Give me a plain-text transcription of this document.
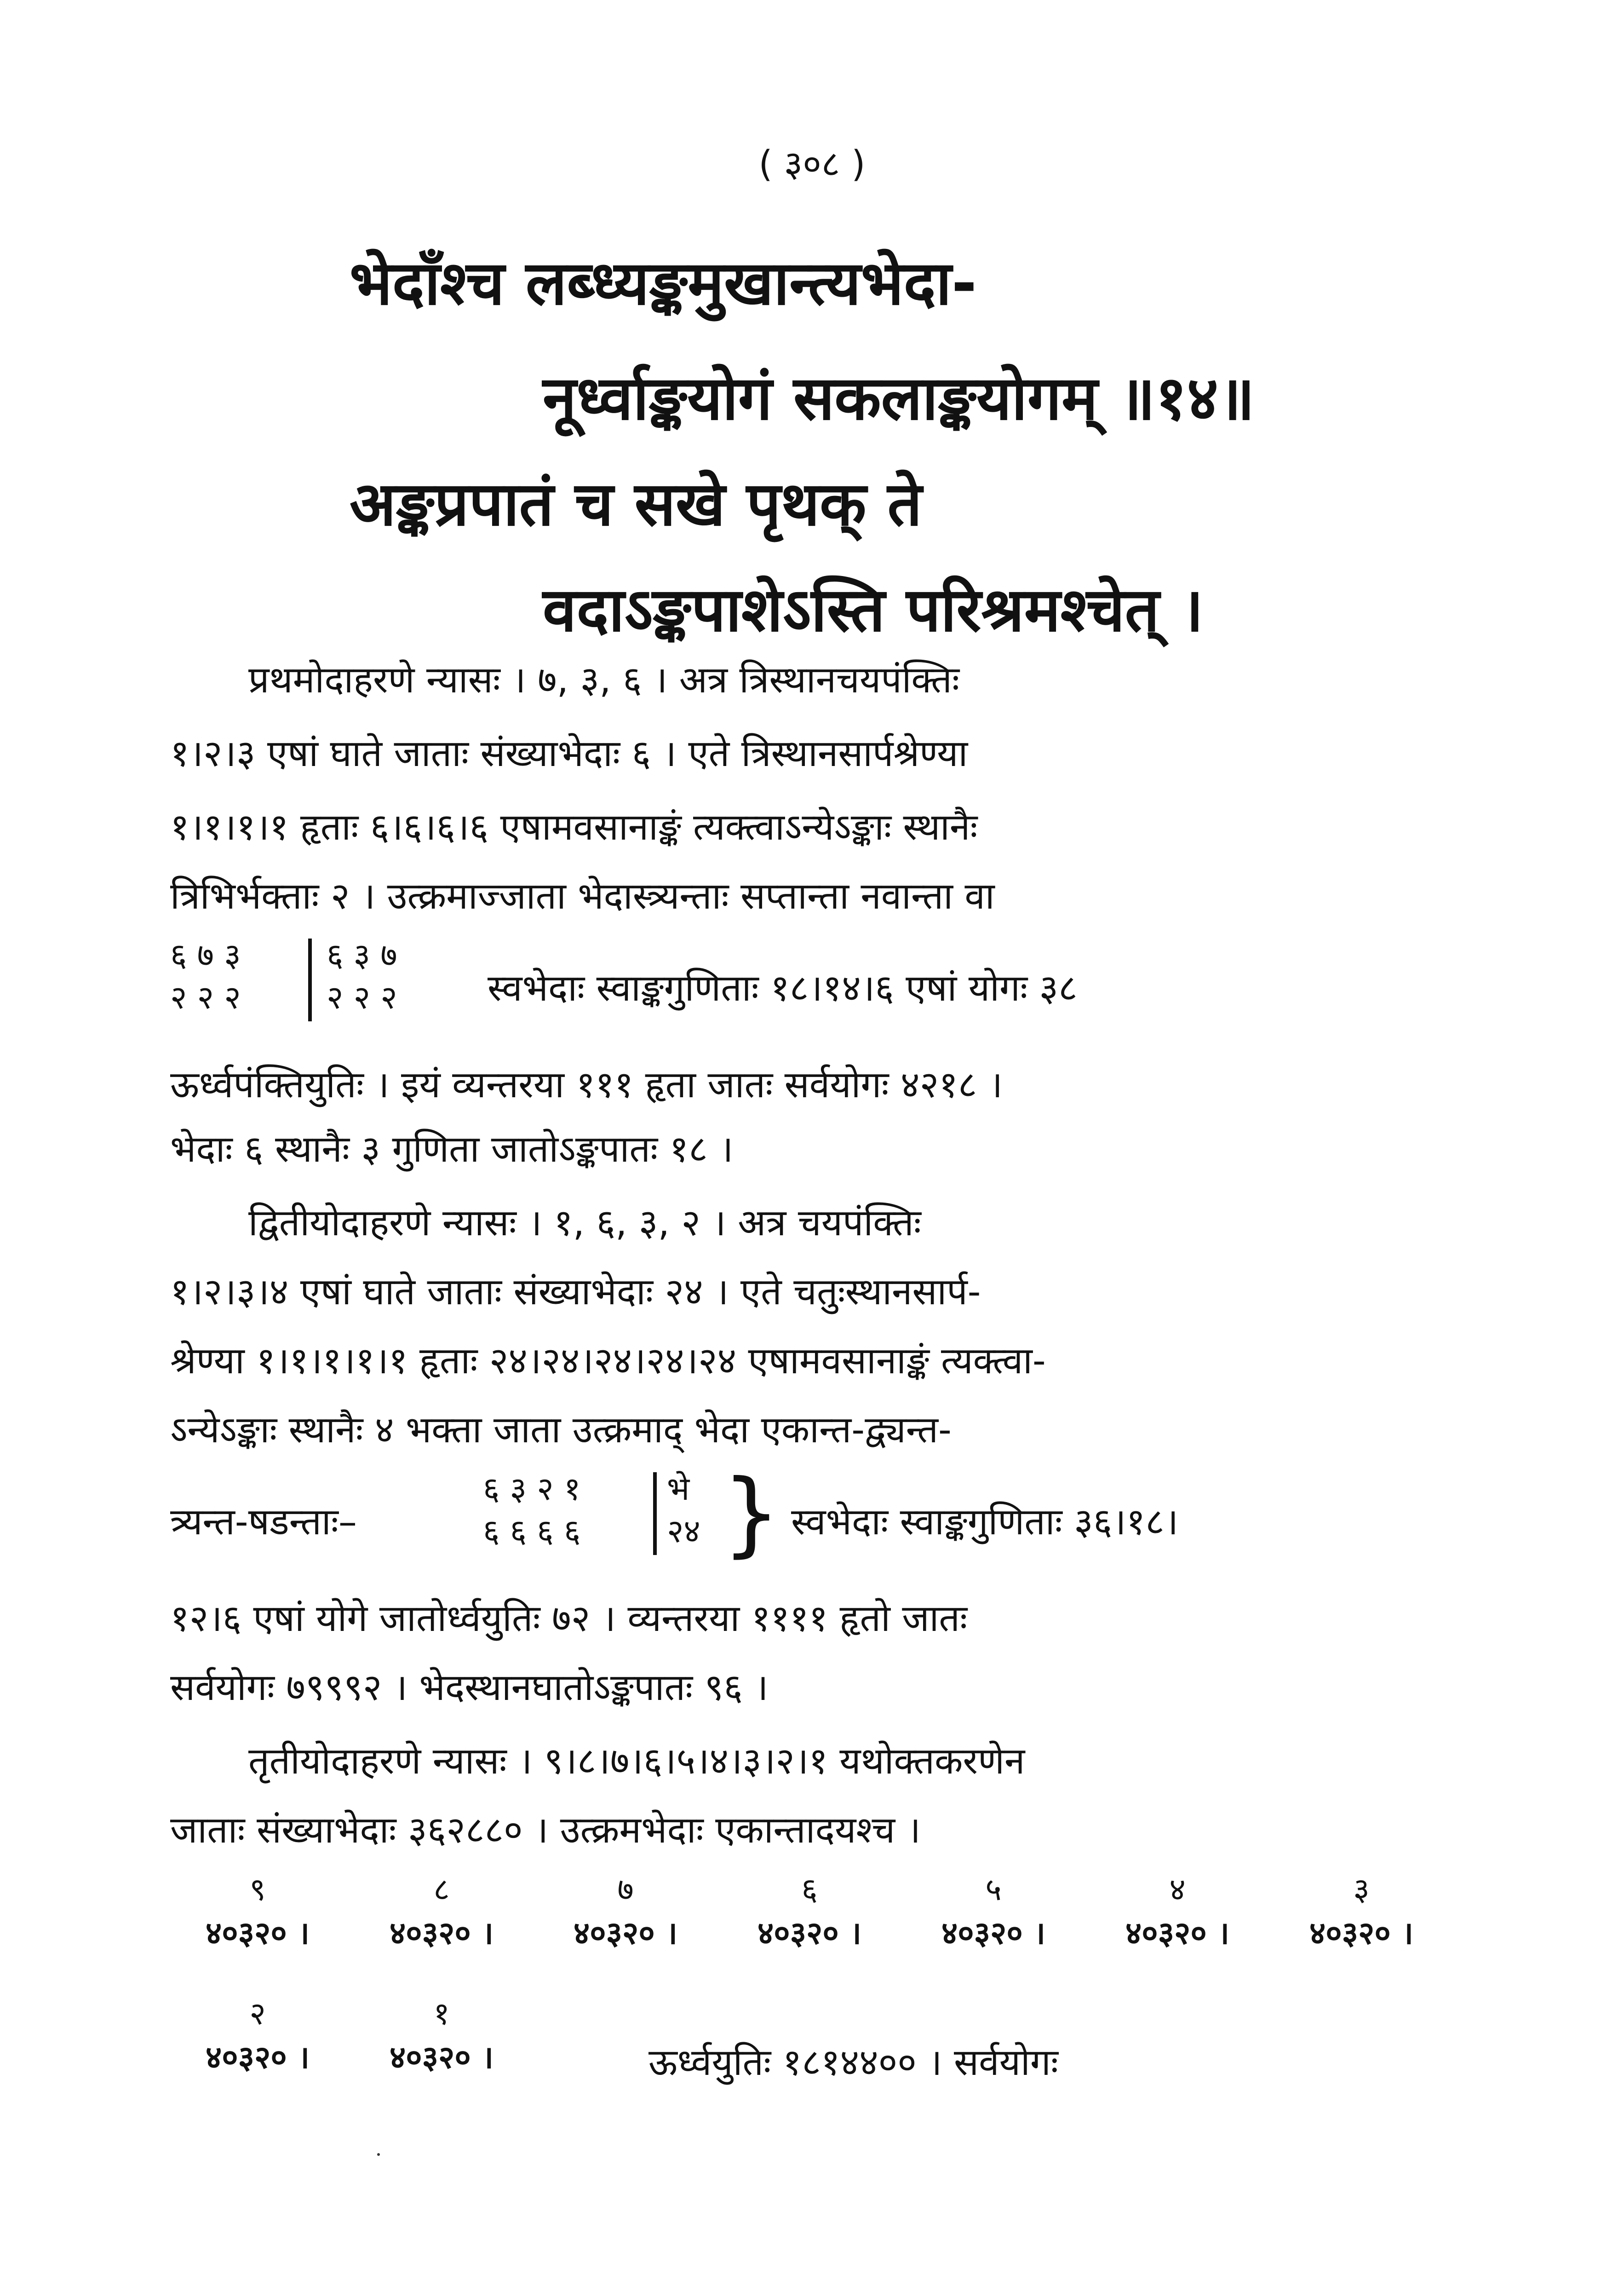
( ३०८ )
भेदाँश्च लब्ध्यङ्कमुखान्त्यभेदा-
नूर्ध्वाङ्कयोगं सकलाङ्कयोगम् ॥१४॥
अङ्कप्रपातं च सखे पृथक् ते
वदाऽङ्कपाशेऽस्ति परिश्रमश्चेत् ।
प्रथमोदाहरणे न्यासः । ७, ३, ६ । अत्र त्रिस्थानचयपंक्तिः
१।२।३ एषां घाते जाताः संख्याभेदाः ६ । एते त्रिस्थानसार्पश्रेण्या
१।१।१।१ हृताः ६।६।६।६ एषामवसानाङ्कं त्यक्त्वाऽन्येऽङ्काः स्थानैः
त्रिभिर्भक्ताः २ । उत्क्रमाज्जाता भेदास्त्र्यन्ताः सप्तान्ता नवान्ता वा
६ ७ ३
२ २ २
६ ३ ७
२ २ २ स्वभेदाः स्वाङ्कगुणिताः १८।१४।६ एषां योगः ३८
ऊर्ध्वपंक्तियुतिः । इयं व्यन्तरया १११ हृता जातः सर्वयोगः ४२१८ ।
भेदाः ६ स्थानैः ३ गुणिता जातोऽङ्कपातः १८ ।
द्वितीयोदाहरणे न्यासः । १, ६, ३, २ । अत्र चयपंक्तिः
१।२।३।४ एषां घाते जाताः संख्याभेदाः २४ । एते चतुःस्थानसार्प-
श्रेण्या १।१।१।१।१ हृताः २४।२४।२४।२४।२४ एषामवसानाङ्कं त्यक्त्वा-
ऽन्येऽङ्काः स्थानैः ४ भक्ता जाता उत्क्रमाद् भेदा एकान्त-द्व्यन्त-
त्र्यन्त-षडन्ताः–
६ ३ २ १
६ ६ ६ ६
भे
२४ } स्वभेदाः स्वाङ्कगुणिताः ३६।१८।
१२।६ एषां योगे जातोर्ध्वयुतिः ७२ । व्यन्तरया ११११ हृतो जातः
सर्वयोगः ७९९९२ । भेदस्थानघातोऽङ्कपातः ९६ ।
तृतीयोदाहरणे न्यासः । ९।८।७।६।५।४।३।२।१ यथोक्तकरणेन
जाताः संख्याभेदाः ३६२८८० । उत्क्रमभेदाः एकान्तादयश्च ।
९
४०३२० ।
८
४०३२० ।
७
४०३२० ।
६
४०३२० ।
५
४०३२० ।
४
४०३२० ।
३
४०३२० ।
२
४०३२० ।
१
४०३२० ।	ऊर्ध्वयुतिः १८१४४०० । सर्वयोगः
